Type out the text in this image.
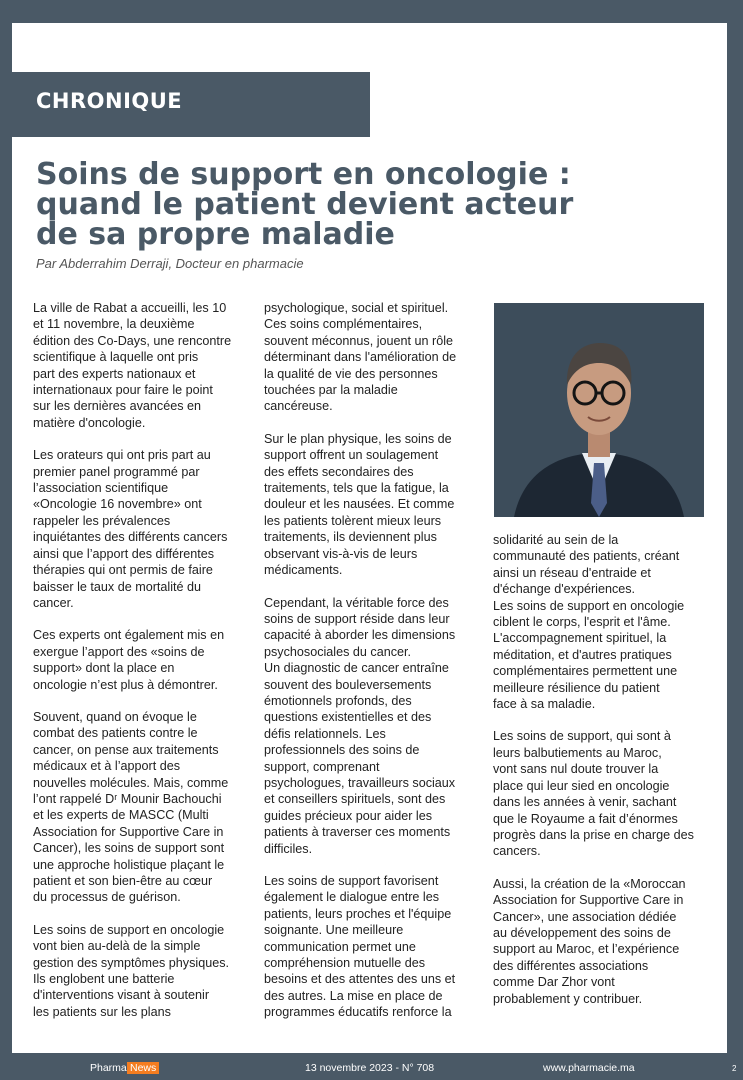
CHRONIQUE
Soins de support en oncologie :
quand le patient devient acteur
de sa propre maladie
Par Abderrahim Derraji, Docteur en pharmacie

La ville de Rabat a accueilli, les 10
et 11 novembre, la deuxième
édition des Co-Days, une rencontre
scientifique à laquelle ont pris
part des experts nationaux et
internationaux pour faire le point
sur les dernières avancées en
matière d'oncologie.

Les orateurs qui ont pris part au
premier panel programmé par
l’association scientifique
«Oncologie 16 novembre» ont
rappeler les prévalences
inquiétantes des différents cancers
ainsi que l’apport des différentes
thérapies qui ont permis de faire
baisser le taux de mortalité du
cancer.

Ces experts ont également mis en
exergue l’apport des «soins de
support» dont la place en
oncologie n’est plus à démontrer.

Souvent, quand on évoque le
combat des patients contre le
cancer, on pense aux traitements
médicaux et à l’apport des
nouvelles molécules. Mais, comme
l’ont rappelé Dʳ Mounir Bachouchi
et les experts de MASCC (Multi
Association for Supportive Care in
Cancer), les soins de support sont
une approche holistique plaçant le
patient et son bien-être au cœur
du processus de guérison.

Les soins de support en oncologie
vont bien au-delà de la simple
gestion des symptômes physiques.
Ils englobent une batterie
d'interventions visant à soutenir
les patients sur les plans

psychologique, social et spirituel.
Ces soins complémentaires,
souvent méconnus, jouent un rôle
déterminant dans l'amélioration de
la qualité de vie des personnes
touchées par la maladie
cancéreuse.

Sur le plan physique, les soins de
support offrent un soulagement
des effets secondaires des
traitements, tels que la fatigue, la
douleur et les nausées. Et comme
les patients tolèrent mieux leurs
traitements, ils deviennent plus
observant vis-à-vis de leurs
médicaments.

Cependant, la véritable force des
soins de support réside dans leur
capacité à aborder les dimensions
psychosociales du cancer.
Un diagnostic de cancer entraîne
souvent des bouleversements
émotionnels profonds, des
questions existentielles et des
défis relationnels. Les
professionnels des soins de
support, comprenant
psychologues, travailleurs sociaux
et conseillers spirituels, sont des
guides précieux pour aider les
patients à traverser ces moments
difficiles.

Les soins de support favorisent
également le dialogue entre les
patients, leurs proches et l'équipe
soignante. Une meilleure
communication permet une
compréhension mutuelle des
besoins et des attentes des uns et
des autres. La mise en place de
programmes éducatifs renforce la

solidarité au sein de la
communauté des patients, créant
ainsi un réseau d'entraide et
d'échange d'expériences.
Les soins de support en oncologie
ciblent le corps, l'esprit et l'âme.
L'accompagnement spirituel, la
méditation, et d'autres pratiques
complémentaires permettent une
meilleure résilience du patient
face à sa maladie.

Les soins de support, qui sont à
leurs balbutiements au Maroc,
vont sans nul doute trouver la
place qui leur sied en oncologie
dans les années à venir, sachant
que le Royaume a fait d’énormes
progrès dans la prise en charge des
cancers.

Aussi, la création de la «Moroccan
Association for Supportive Care in
Cancer», une association dédiée
au développement des soins de
support au Maroc, et l’expérience
des différentes associations
comme Dar Zhor vont
probablement y contribuer.

Pharma News	13 novembre 2023 - N° 708	www.pharmacie.ma	2
